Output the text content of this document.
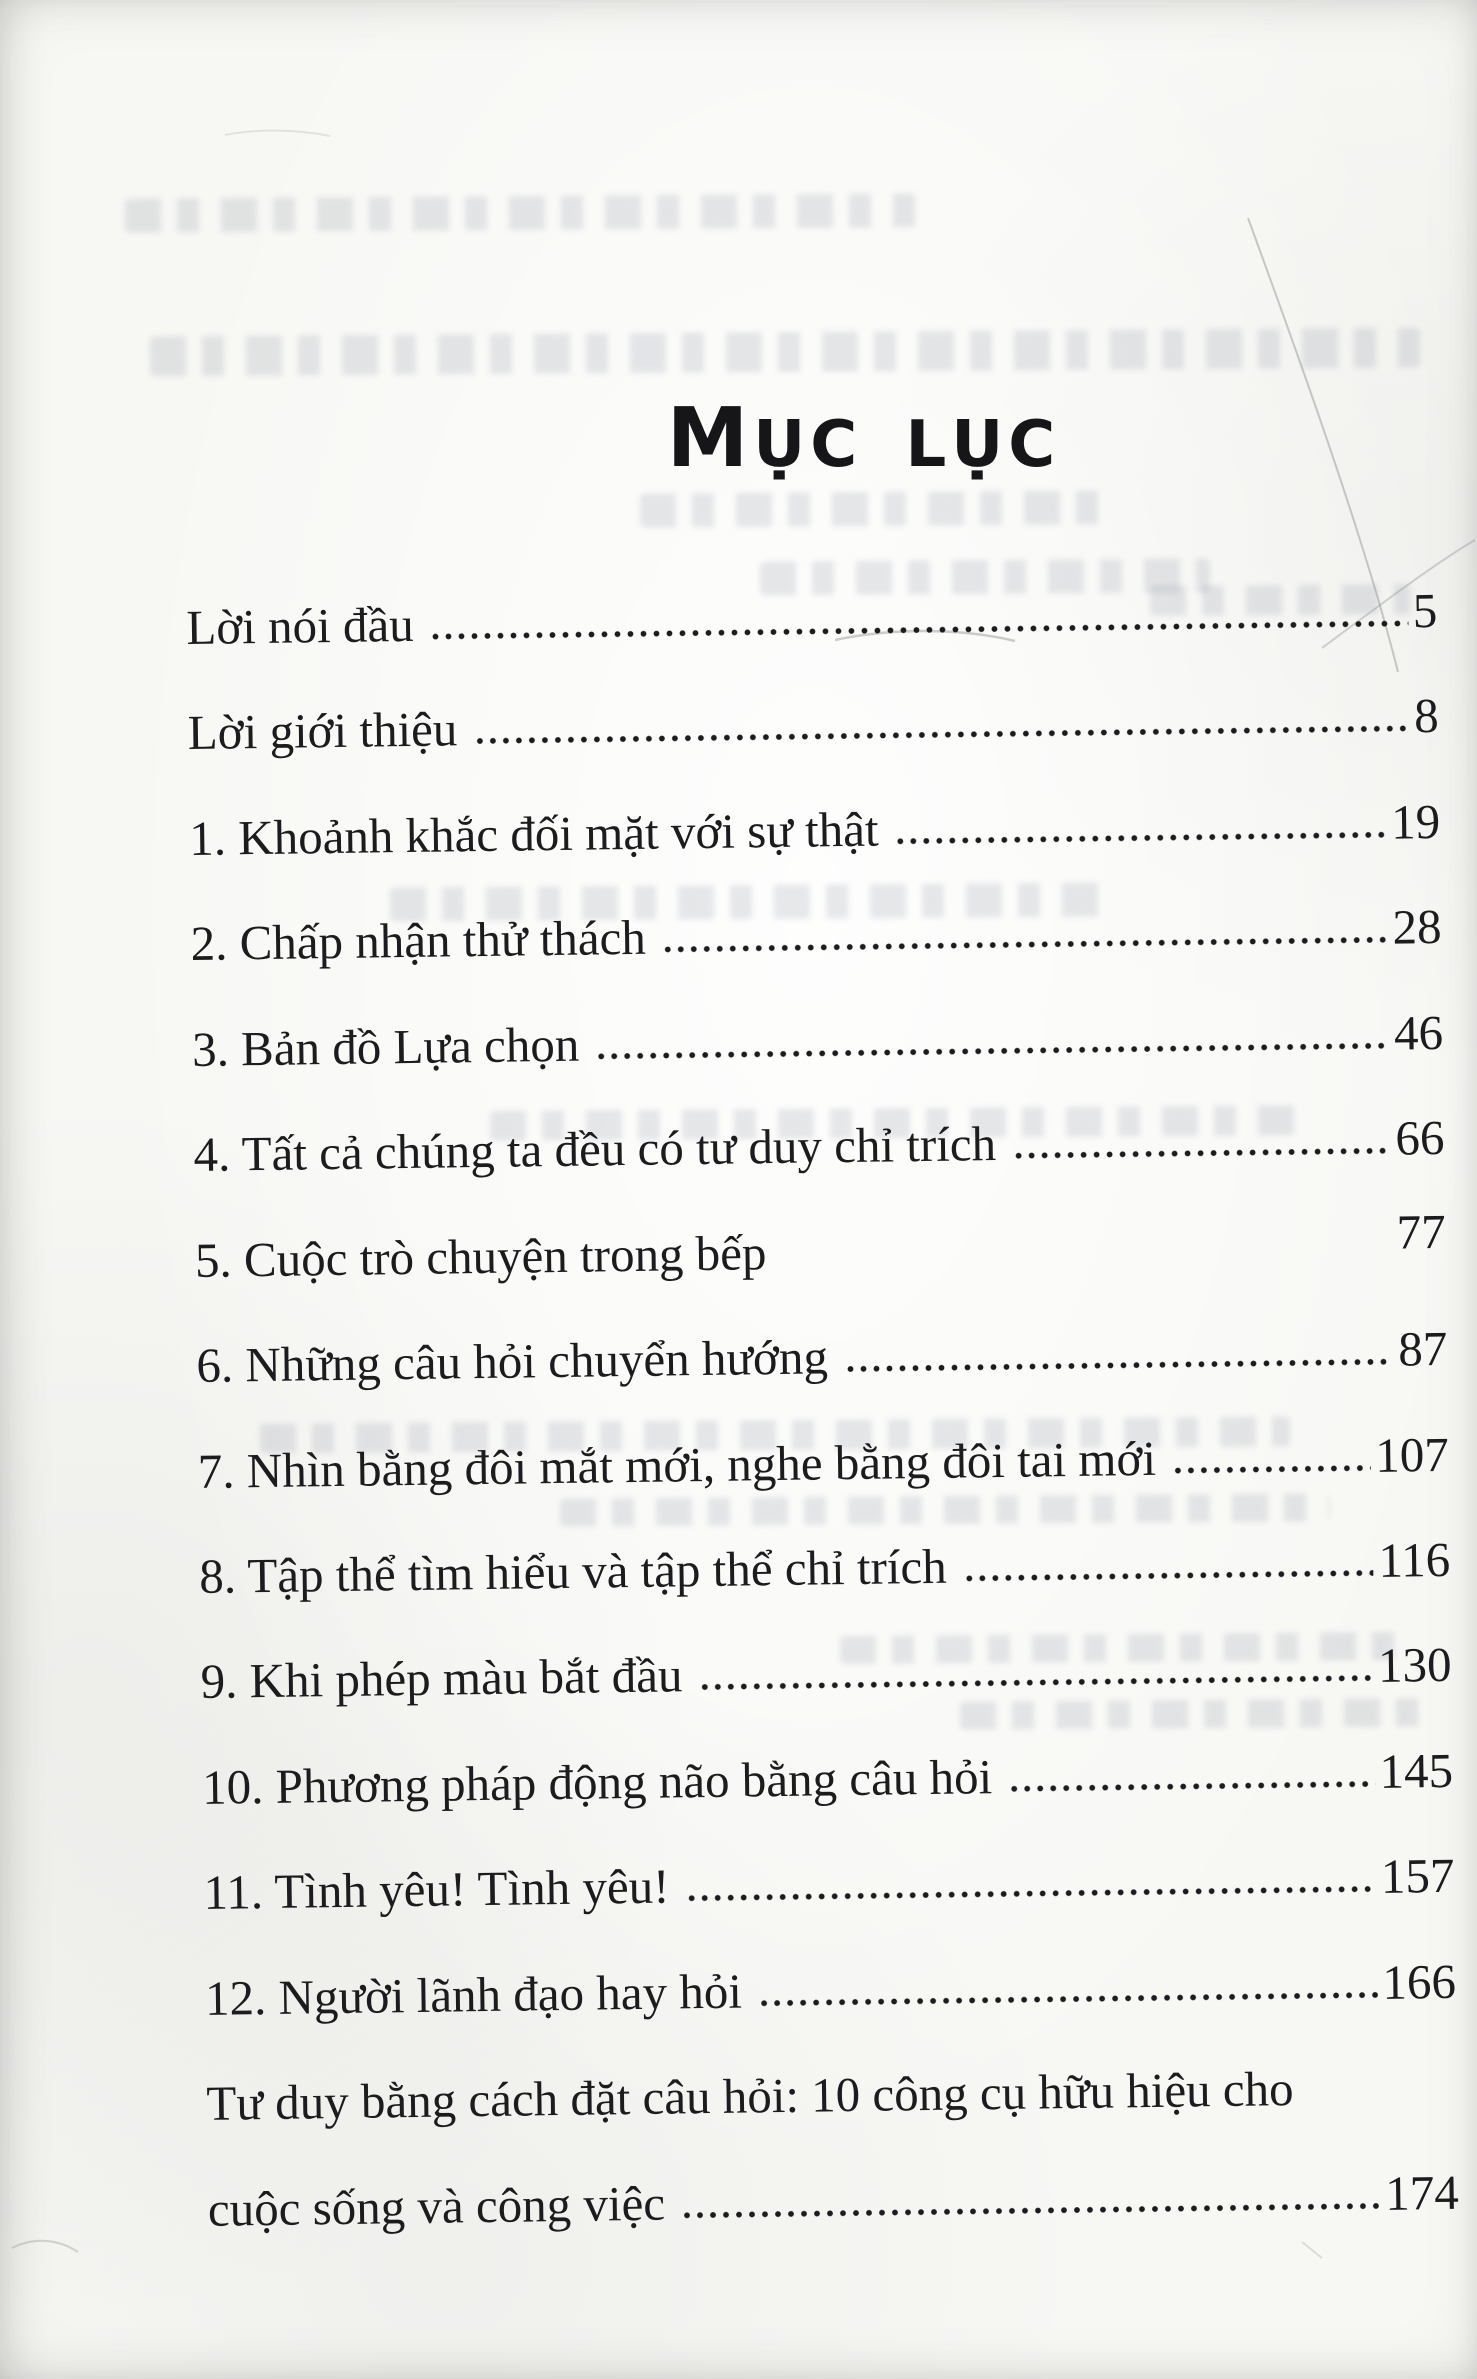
MỤC LỤC
Lời nói đầu	5
Lời giới thiệu	8
1. Khoảnh khắc đối mặt với sự thật	19
2. Chấp nhận thử thách	28
3. Bản đồ Lựa chọn	46
4. Tất cả chúng ta đều có tư duy chỉ trích	66
5. Cuộc trò chuyện trong bếp	77
6. Những câu hỏi chuyển hướng	87
7. Nhìn bằng đôi mắt mới, nghe bằng đôi tai mới	107
8. Tập thể tìm hiểu và tập thể chỉ trích	116
9. Khi phép màu bắt đầu	130
10. Phương pháp động não bằng câu hỏi	145
11. Tình yêu! Tình yêu!	157
12. Người lãnh đạo hay hỏi	166
Tư duy bằng cách đặt câu hỏi: 10 công cụ hữu hiệu cho
cuộc sống và công việc	174
